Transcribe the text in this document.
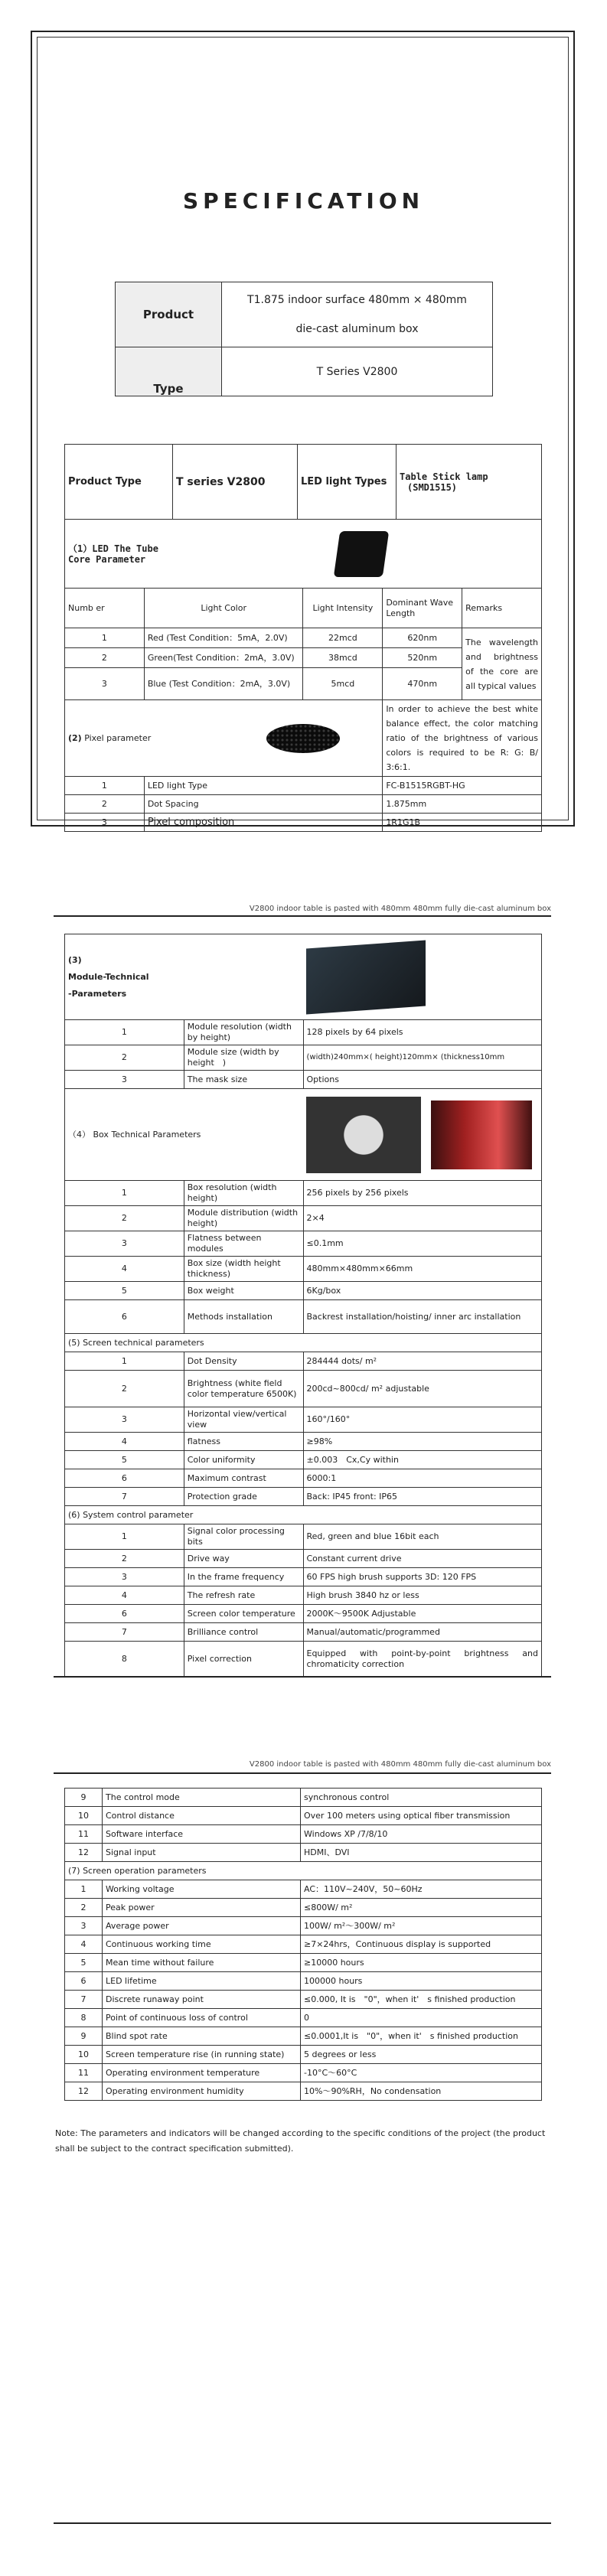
SPECIFICATION
Product	T1.875 indoor surface 480mm × 480mm
die-cast aluminum box

Type	T Series V2800
Product Type	T series V2800	LED light Types	Table Stick lamp
(SMD1515)
（1）LED The Tube
Core Parameter					

Numb er	Light Color		Light Intensity	Dominant Wave Length	Remarks
1	Red (Test Condition：5mA，2.0V)		22mcd	620nm	The wavelength and brightness of the core are all typical values
2	Green(Test Condition：2mA，3.0V)		38mcd	520nm	
3	Blue (Test Condition：2mA，3.0V)		5mcd	470nm	
(2) Pixel parameter				In order to achieve the best white balance effect, the color matching ratio of the brightness of various colors is required to be R: G: B/ 3:6:1.	
1	LED light Type			FC-B1515RGBT-HG	
2	Dot Spacing			1.875mm	
3	Pixel composition			1R1G1B	
V2800 indoor table is pasted with 480mm 480mm fully die-cast aluminum box
(3)
Module-Technical
-Parameters			

1	Module resolution (width by height)	128 pixels by 64 pixels	
2	Module size (width by height　)	(width)240mm×( height)120mm× (thickness10mm	
3	The mask size	Options	
（4） Box Technical Parameters		

1	Box resolution (width height)	256 pixels by 256 pixels	
2	Module distribution (width height)	2×4	
3	Flatness between modules	≤0.1mm	
4	Box size (width height thickness)	480mm×480mm×66mm	
5	Box weight	6Kg/box	
6	Methods installation	Backrest installation/hoisting/ inner arc installation	
(5) Screen technical parameters			
1	Dot Density	284444 dots/ m²	
2	Brightness (white field color temperature 6500K)	200cd~800cd/ m² adjustable	
3	Horizontal view/vertical view	160°/160°	
4	flatness	≥98%	
5	Color uniformity	±0.003　Cx,Cy within	
6	Maximum contrast	6000:1	
7	Protection grade	Back: IP45 front: IP65	
(6) System control parameter			
1	Signal color processing bits	Red, green and blue 16bit each	
2	Drive way	Constant current drive	
3	In the frame frequency	60 FPS high brush supports 3D: 120 FPS	
4	The refresh rate	High brush 3840 hz or less	
6	Screen color temperature	2000K～9500K Adjustable	
7	Brilliance control	Manual/automatic/programmed	
8	Pixel correction	Equipped with point-by-point brightness and chromaticity correction	
V2800 indoor table is pasted with 480mm 480mm fully die-cast aluminum box
9	The control mode	synchronous control
10	Control distance	Over 100 meters using optical fiber transmission
11	Software interface	Windows XP /7/8/10
12	Signal input	HDMI、DVI
(7) Screen operation parameters		
1	Working voltage	AC：110V~240V，50~60Hz
2	Peak power	≤800W/ m²
3	Average power	100W/ m²～300W/ m²
4	Continuous working time	≥7×24hrs，Continuous display is supported
5	Mean time without failure	≥10000 hours
6	LED lifetime	100000 hours
7	Discrete runaway point	≤0.000, It is　"0"，when it'　s finished production
8	Point of continuous loss of control	0
9	Blind spot rate	≤0.0001,It is　"0"，when it'　s finished production
10	Screen temperature rise (in running state)	5 degrees or less
11	Operating environment temperature	-10°C～60°C
12	Operating environment humidity	10%～90%RH，No condensation
Note: The parameters and indicators will be changed according to the specific conditions of the project (the product shall be subject to the contract specification submitted).
